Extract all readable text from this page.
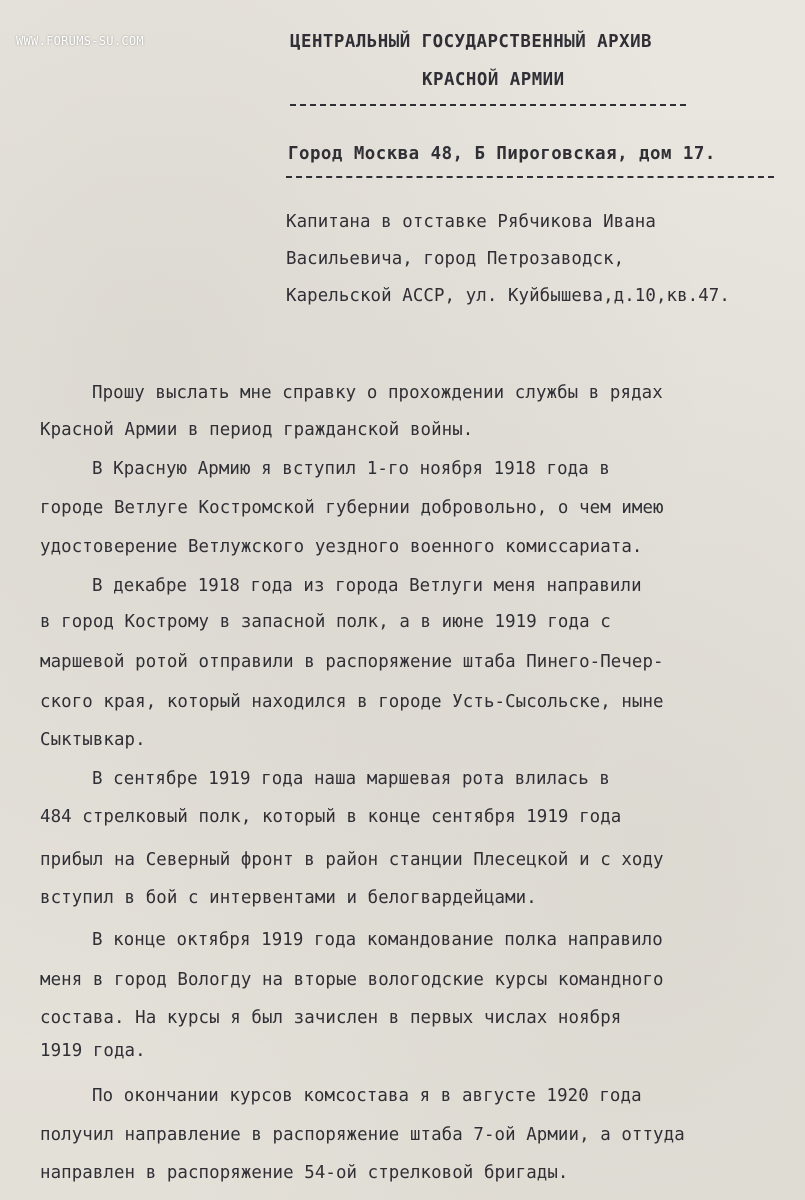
WWW.FORUMS-SU.COM	ЦЕНТРАЛЬНЫЙ ГОСУДАРСТВЕННЫЙ АРХИВ
КРАСНОЙ АРМИИ
Город Москва 48, Б Пироговская, дом 17.
Капитана в отставке Рябчикова Ивана
Васильевича, город Петрозаводск,
Карельской АССР, ул. Куйбышева,д.10,кв.47.
Прошу выслать мне справку о прохождении службы в рядах
Красной Армии в период гражданской войны.
В Красную Армию я вступил 1-го ноября 1918 года в
городе Ветлуге Костромской губернии добровольно, о чем имею
удостоверение Ветлужского уездного военного комиссариата.
В декабре 1918 года из города Ветлуги меня направили
в город Кострому в запасной полк, а в июне 1919 года с
маршевой ротой отправили в распоряжение штаба Пинего-Печер-
ского края, который находился в городе Усть-Сысольске, ныне
Сыктывкар.
В сентябре 1919 года наша маршевая рота влилась в
484 стрелковый полк, который в конце сентября 1919 года
прибыл на Северный фронт в район станции Плесецкой и с ходу
вступил в бой с интервентами и белогвардейцами.
В конце октября 1919 года командование полка направило
меня в город Вологду на вторые вологодские курсы командного
состава. На курсы я был зачислен в первых числах ноября
1919 года.
По окончании курсов комсостава я в августе 1920 года
получил направление в распоряжение штаба 7-ой Армии, а оттуда
направлен в распоряжение 54-ой стрелковой бригады.
